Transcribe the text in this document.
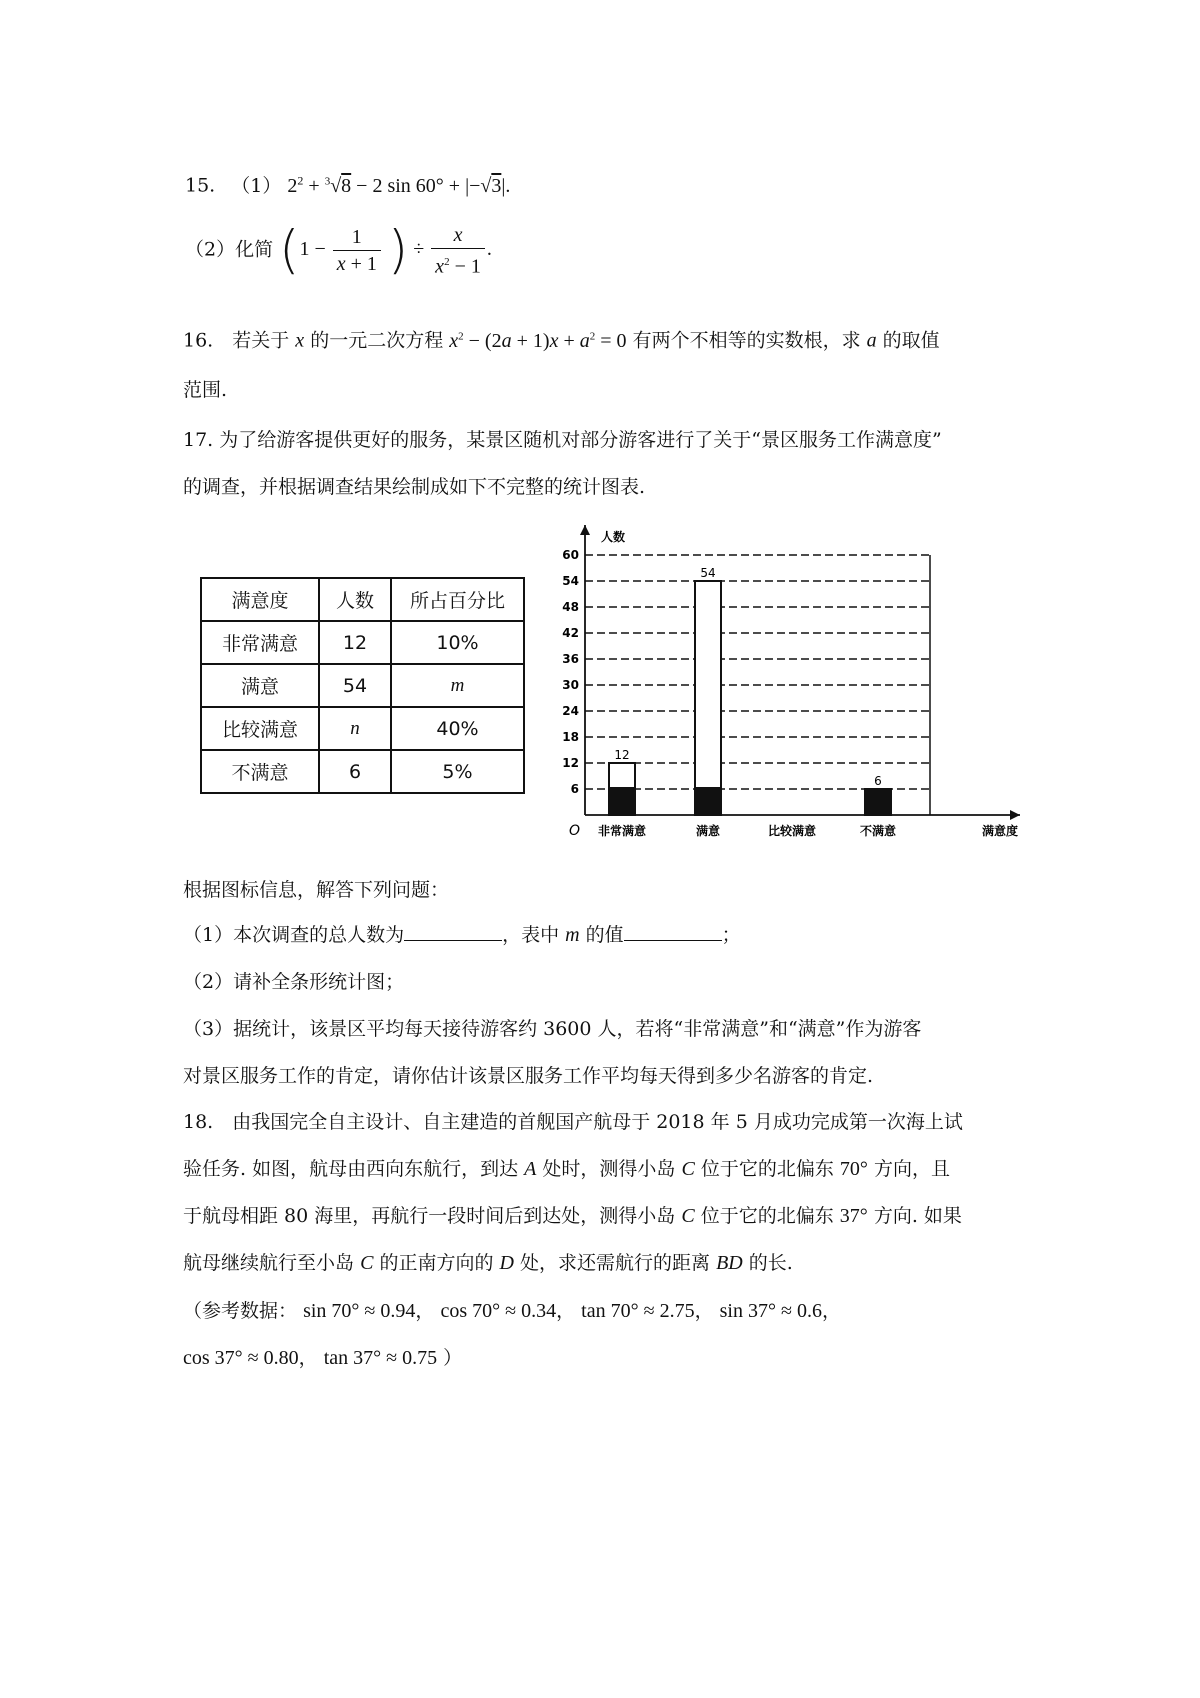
15. （1） $2^2 + ^3√8 - 2$ sin 60° + |−√3|.
（2）化简 ($1 - \frac{1}{x + 1}$ ) ÷ $\frac{x}{x^2 - 1}$ .
16.　若关于 x 的一元二次方程 $x^2 - (2a + 1)x + a^2 = 0$ 有两个不相等的实数根，求 a 的取值
范围.
17. 为了给游客提供更好的服务，某景区随机对部分游客进行了关于“景区服务工作满意度”
的调查，并根据调查结果绘制成如下不完整的统计图表.
满意度	人数	所占百分比
非常满意	12	10%
满意	54	m
比较满意	n	40%
不满意	6	5%
6
12
18
24
30
36
42
48
54
60
人数
O 非常满意
12
满意
54
比较满意	不满意
6
满意度
根据图标信息，解答下列问题：
（1）本次调查的总人数为	，表中 m 的值	；
（2）请补全条形统计图；
（3）据统计，该景区平均每天接待游客约 3600 人，若将“非常满意”和“满意”作为游客
对景区服务工作的肯定，请你估计该景区服务工作平均每天得到多少名游客的肯定.
18.　由我国完全自主设计、自主建造的首舰国产航母于 2018 年 5 月成功完成第一次海上试
验任务. 如图，航母由西向东航行，到达 A 处时，测得小岛 C 位于它的北偏东 70° 方向，且
于航母相距 80 海里，再航行一段时间后到达处，测得小岛 C 位于它的北偏东 37° 方向. 如果
航母继续航行至小岛 C 的正南方向的 D 处，求还需航行的距离 BD 的长.
（参考数据： sin 70° ≈ 0.94， cos 70° ≈ 0.34， tan 70° ≈ 2.75， sin 37° ≈ 0.6，
cos 37° ≈ 0.80， tan 37° ≈ 0.75 ）
